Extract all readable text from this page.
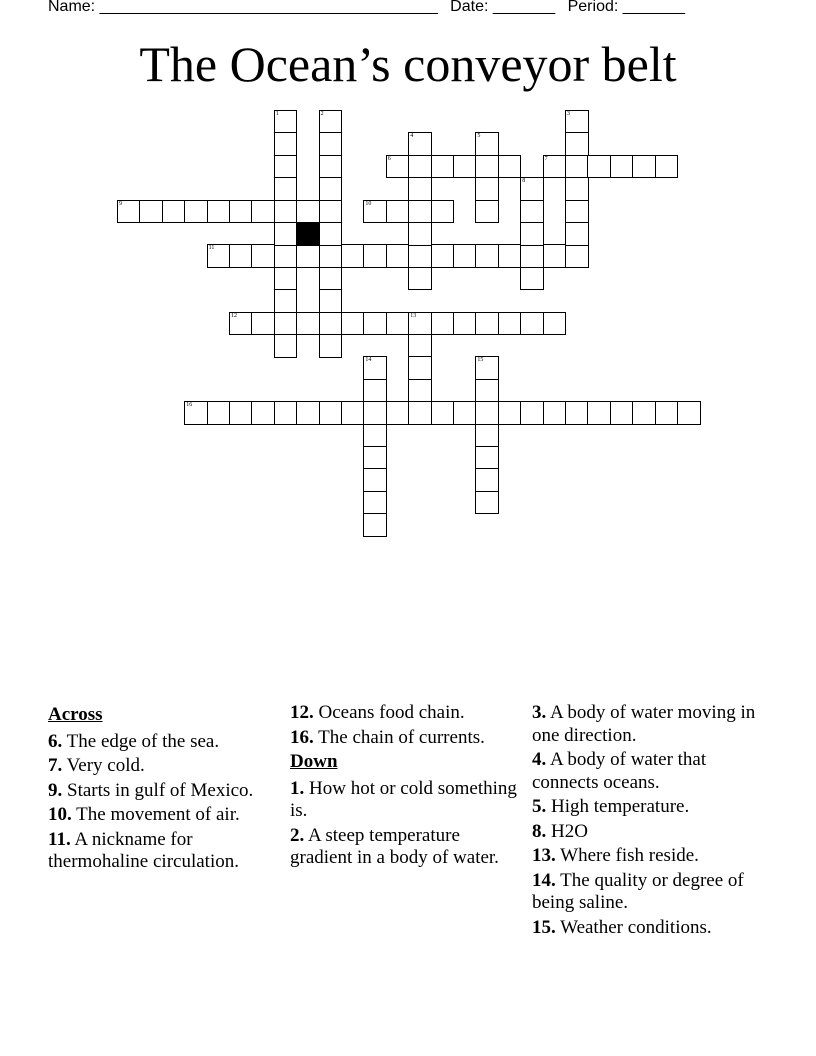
Name: ______________________________________ Date: _______ Period: _______
The Ocean’s conveyor belt
6	7
9	10
11
12	13
16
1	2	3
4	5
8
14	15
Across
6. The edge of the sea.
7. Very cold.
9. Starts in gulf of Mexico.
10. The movement of air.
11. A nickname for thermohaline circulation.
12. Oceans food chain.
16. The chain of currents.
Down
1. How hot or cold something is.
2. A steep temperature gradient in a body of water.
3. A body of water moving in one direction.
4. A body of water that connects oceans.
5. High temperature.
8. H2O
13. Where fish reside.
14. The quality or degree of being saline.
15. Weather conditions.
